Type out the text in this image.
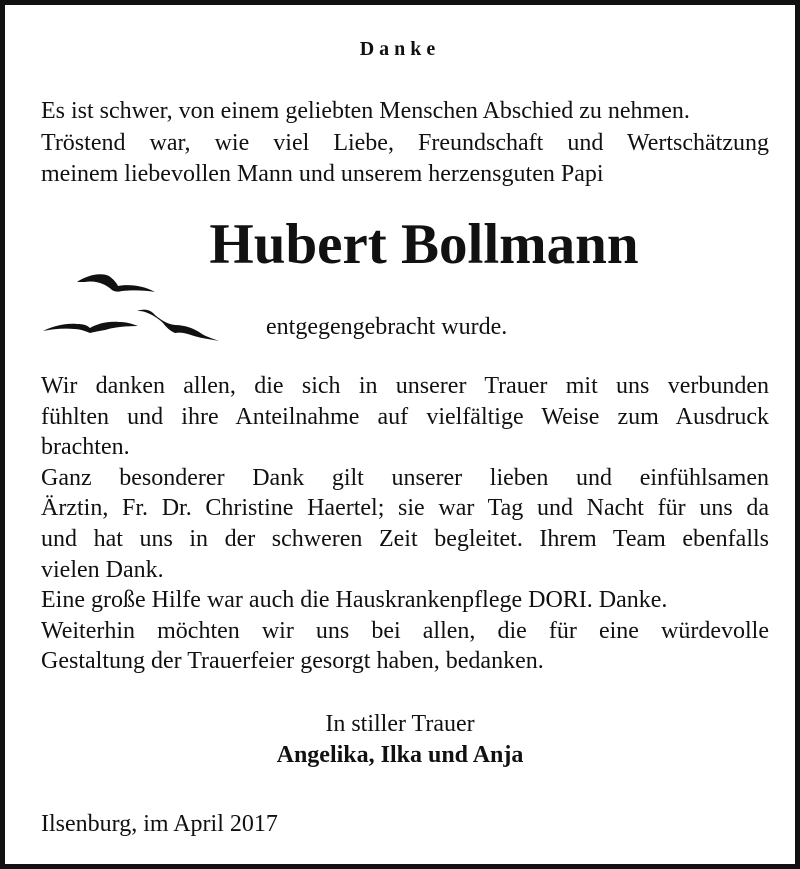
Danke
Es ist schwer, von einem geliebten Menschen Abschied zu nehmen.
Tröstend war, wie viel Liebe, Freundschaft und Wertschätzung
meinem liebevollen Mann und unserem herzensguten Papi
Hubert Bollmann
entgegengebracht wurde.
Wir danken allen, die sich in unserer Trauer mit uns verbunden
fühlten und ihre Anteilnahme auf vielfältige Weise zum Ausdruck
brachten.
Ganz besonderer Dank gilt unserer lieben und einfühlsamen
Ärztin, Fr. Dr. Christine Haertel; sie war Tag und Nacht für uns da
und hat uns in der schweren Zeit begleitet. Ihrem Team ebenfalls
vielen Dank.
Eine große Hilfe war auch die Hauskrankenpflege DORI. Danke.
Weiterhin möchten wir uns bei allen, die für eine würdevolle
Gestaltung der Trauerfeier gesorgt haben, bedanken.
In stiller Trauer
Angelika, Ilka und Anja
Ilsenburg, im April 2017
